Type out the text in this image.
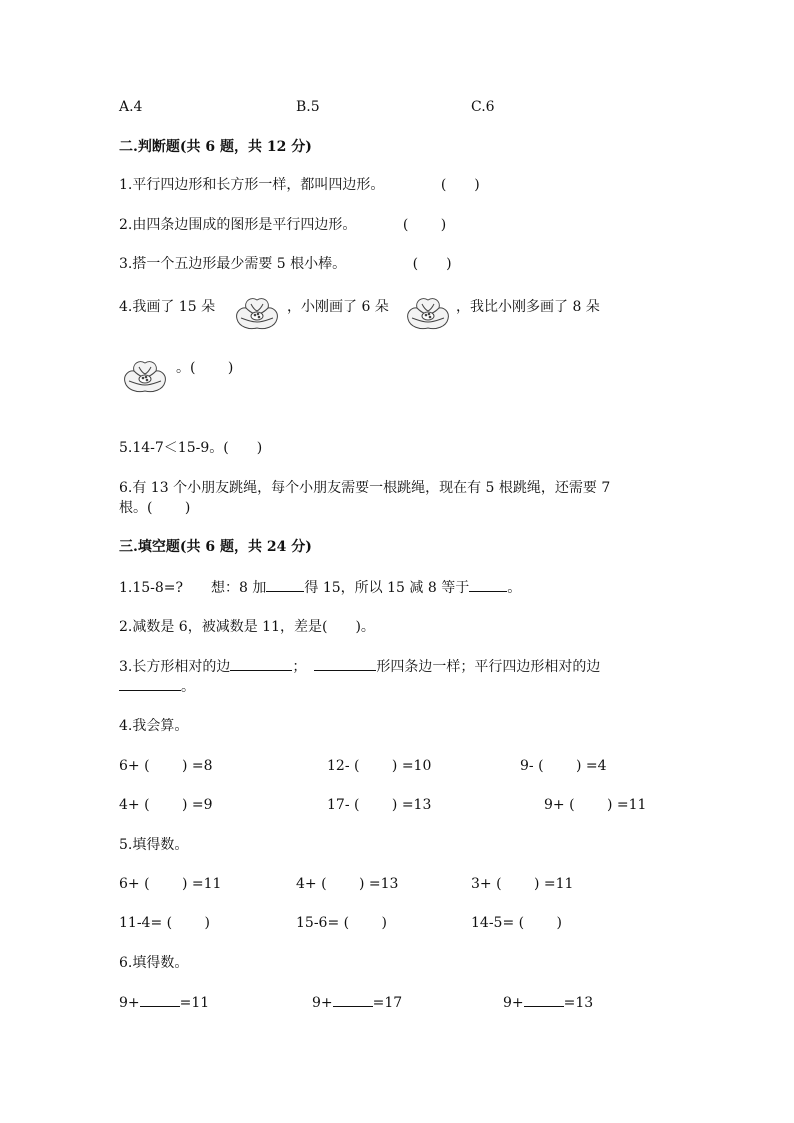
A.4	B.5	C.6
二.判断题(共 6 题，共 12 分)
1.平行四边形和长方形一样，都叫四边形。	(　　)
2.由四条边围成的图形是平行四边形。	(　　 )
3.搭一个五边形最少需要 5 根小棒。	(　　)
4.我画了 15 朵	，小刚画了 6 朵	，我比小刚多画了 8 朵
。(　　 )
5.14-7＜15-9。(　　)
6.有 13 个小朋友跳绳，每个小朋友需要一根跳绳，现在有 5 根跳绳，还需要 7
根。(　　 )
三.填空题(共 6 题，共 24 分)
1.15-8=?　　想：8 加	得 15，所以 15 减 8 等于	。
2.减数是 6，被减数是 11，差是(　　)。
3.长方形相对的边	；	形四条边一样；平行四边形相对的边
。
4.我会算。
6+ (　　 ) =8	12- (　　 ) =10	9- (　　 ) =4
4+ (　　 ) =9	17- (　　 ) =13	9+ (　　 ) =11
5.填得数。
6+ (　　 ) =11	4+ (　　 ) =13	3+ (　　 ) =11
11-4= (　　 )	15-6= (　　 )	14-5= (　　 )
6.填得数。
9+	=11	9+	=17	9+	=13
